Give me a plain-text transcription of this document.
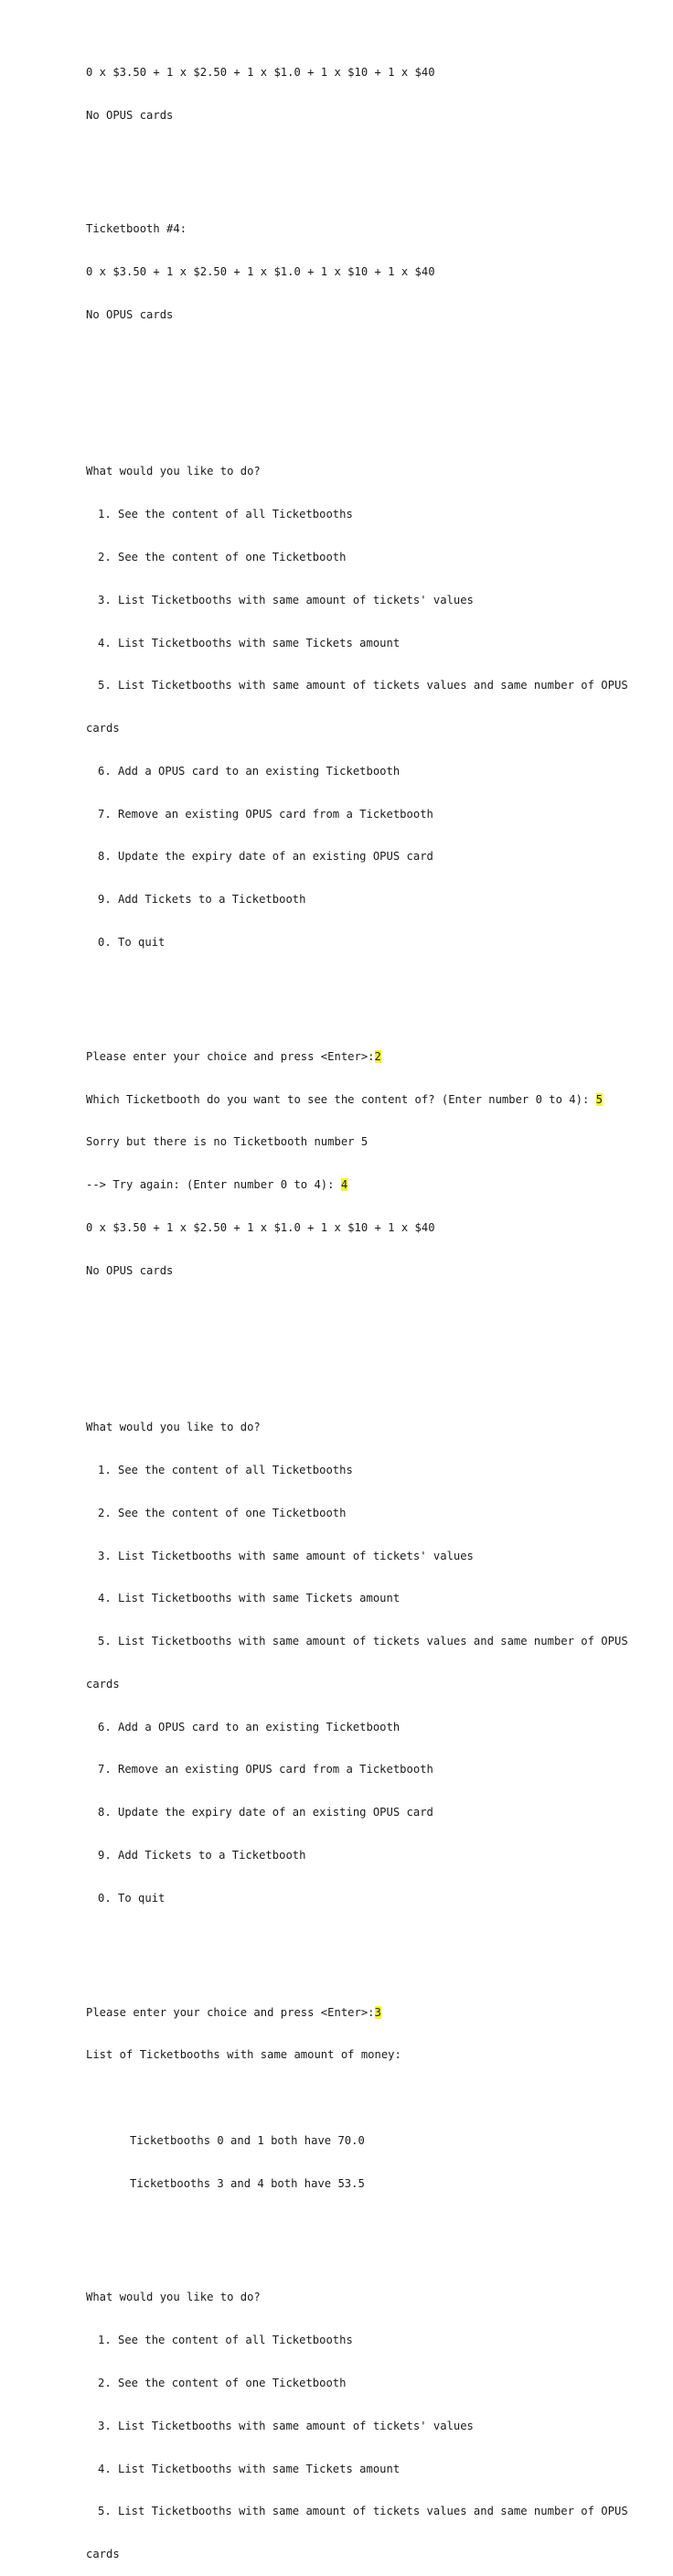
0 x $3.50 + 1 x $2.50 + 1 x $1.0 + 1 x $10 + 1 x $40

No OPUS cards

Ticketbooth #4:

0 x $3.50 + 1 x $2.50 + 1 x $1.0 + 1 x $10 + 1 x $40

No OPUS cards

What would you like to do?

1. See the content of all Ticketbooths

2. See the content of one Ticketbooth

3. List Ticketbooths with same amount of tickets' values

4. List Ticketbooths with same Tickets amount

5. List Ticketbooths with same amount of tickets values and same number of OPUS

cards

6. Add a OPUS card to an existing Ticketbooth

7. Remove an existing OPUS card from a Ticketbooth

8. Update the expiry date of an existing OPUS card

9. Add Tickets to a Ticketbooth

0. To quit

Please enter your choice and press <Enter>:2

Which Ticketbooth do you want to see the content of? (Enter number 0 to 4): 5

Sorry but there is no Ticketbooth number 5

--> Try again: (Enter number 0 to 4): 4

0 x $3.50 + 1 x $2.50 + 1 x $1.0 + 1 x $10 + 1 x $40

No OPUS cards

What would you like to do?

1. See the content of all Ticketbooths

2. See the content of one Ticketbooth

3. List Ticketbooths with same amount of tickets' values

4. List Ticketbooths with same Tickets amount

5. List Ticketbooths with same amount of tickets values and same number of OPUS

cards

6. Add a OPUS card to an existing Ticketbooth

7. Remove an existing OPUS card from a Ticketbooth

8. Update the expiry date of an existing OPUS card

9. Add Tickets to a Ticketbooth

0. To quit

Please enter your choice and press <Enter>:3

List of Ticketbooths with same amount of money:

Ticketbooths 0 and 1 both have 70.0

Ticketbooths 3 and 4 both have 53.5

What would you like to do?

1. See the content of all Ticketbooths

2. See the content of one Ticketbooth

3. List Ticketbooths with same amount of tickets' values

4. List Ticketbooths with same Tickets amount

5. List Ticketbooths with same amount of tickets values and same number of OPUS

cards
